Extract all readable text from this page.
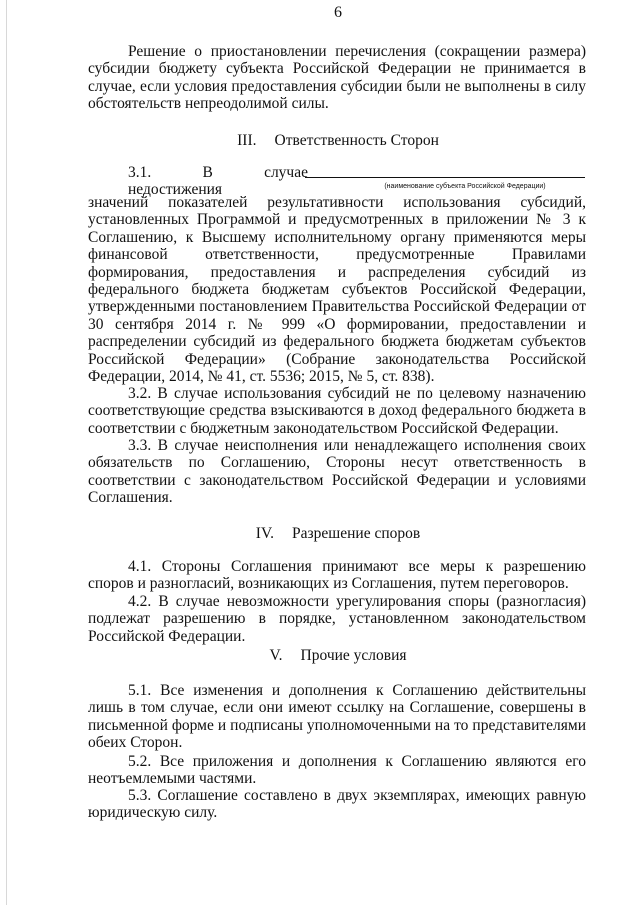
6
Решение о приостановлении перечисления (сокращении размера) субсидии бюджету субъекта Российской Федерации не принимается в случае, если условия предоставления субсидии были не выполнены в силу обстоятельств непреодолимой силы.
III. Ответственность Сторон
3.1. В случае недостижения	(наименование субъекта Российской Федерации)
значений показателей результативности использования субсидий, установленных Программой и предусмотренных в приложении № 3 к Соглашению, к Высшему исполнительному органу применяются меры финансовой ответственности, предусмотренные Правилами формирования, предоставления и распределения субсидий из федерального бюджета бюджетам субъектов Российской Федерации, утвержденными постановлением Правительства Российской Федерации от 30 сентября 2014 г. № 999 «О формировании, предоставлении и распределении субсидий из федерального бюджета бюджетам субъектов Российской Федерации» (Собрание законодательства Российской Федерации, 2014, № 41, ст. 5536; 2015, № 5, ст. 838).
3.2. В случае использования субсидий не по целевому назначению соответствующие средства взыскиваются в доход федерального бюджета в соответствии с бюджетным законодательством Российской Федерации.
3.3. В случае неисполнения или ненадлежащего исполнения своих обязательств по Соглашению, Стороны несут ответственность в соответствии с законодательством Российской Федерации и условиями Соглашения.
IV. Разрешение споров
4.1. Стороны Соглашения принимают все меры к разрешению споров и разногласий, возникающих из Соглашения, путем переговоров.
4.2. В случае невозможности урегулирования споры (разногласия) подлежат разрешению в порядке, установленном законодательством Российской Федерации.
V. Прочие условия
5.1. Все изменения и дополнения к Соглашению действительны лишь в том случае, если они имеют ссылку на Соглашение, совершены в письменной форме и подписаны уполномоченными на то представителями обеих Сторон.
5.2. Все приложения и дополнения к Соглашению являются его неотъемлемыми частями.
5.3. Соглашение составлено в двух экземплярах, имеющих равную юридическую силу.
